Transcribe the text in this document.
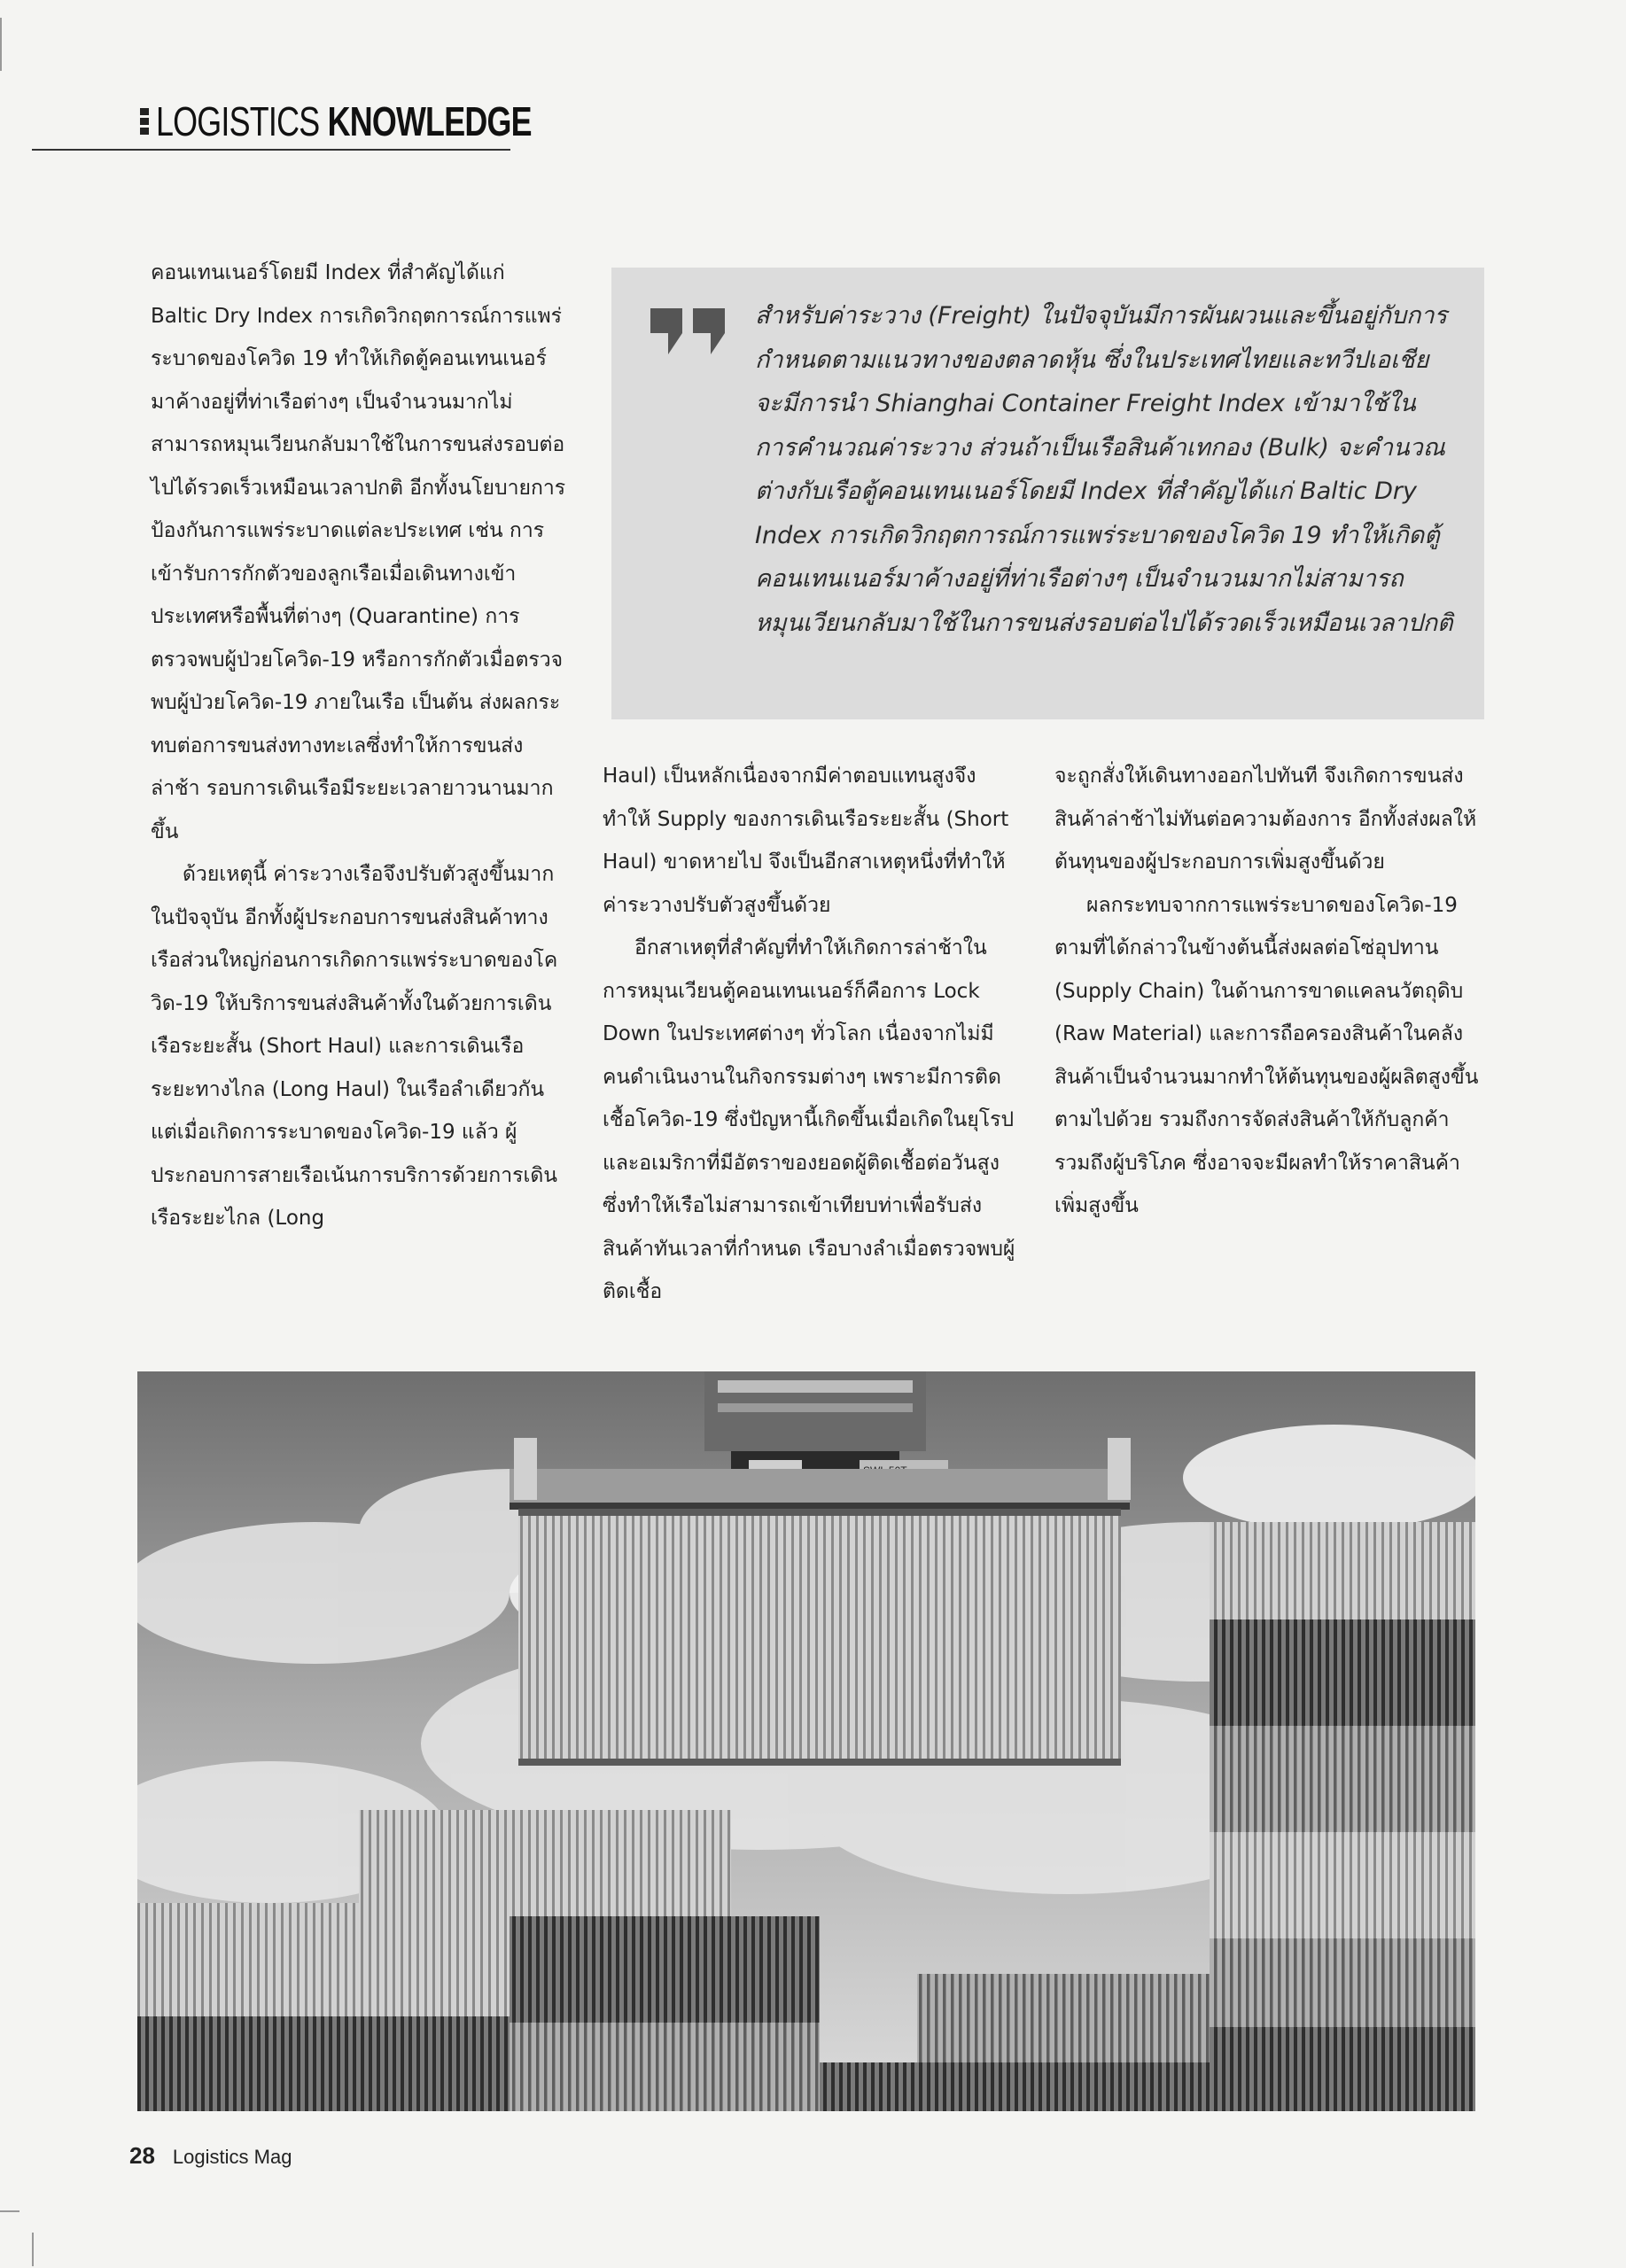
LOGISTICS KNOWLEDGE

คอนเทนเนอร์โดยมี Index ที่สำคัญได้แก่ Baltic Dry Index การเกิดวิกฤตการณ์การแพร่ระบาดของโควิด 19 ทำให้เกิดตู้คอนเทนเนอร์มาค้างอยู่ที่ท่าเรือต่างๆ เป็นจำนวนมากไม่สามารถหมุนเวียนกลับมาใช้ในการขนส่งรอบต่อไปได้รวดเร็วเหมือนเวลาปกติ อีกทั้งนโยบายการป้องกันการแพร่ระบาดแต่ละประเทศ เช่น การเข้ารับการกักตัวของลูกเรือเมื่อเดินทางเข้าประเทศหรือพื้นที่ต่างๆ (Quarantine) การตรวจพบผู้ป่วยโควิด-19 หรือการกักตัวเมื่อตรวจพบผู้ป่วยโควิด-19 ภายในเรือ เป็นต้น ส่งผลกระทบต่อการขนส่งทางทะเลซึ่งทำให้การขนส่งล่าช้า รอบการเดินเรือมีระยะเวลายาวนานมากขึ้น

ด้วยเหตุนี้ ค่าระวางเรือจึงปรับตัวสูงขึ้นมากในปัจจุบัน อีกทั้งผู้ประกอบการขนส่งสินค้าทางเรือส่วนใหญ่ก่อนการเกิดการแพร่ระบาดของโควิด-19 ให้บริการขนส่งสินค้าทั้งในด้วยการเดินเรือระยะสั้น (Short Haul) และการเดินเรือระยะทางไกล (Long Haul) ในเรือลำเดียวกัน แต่เมื่อเกิดการระบาดของโควิด-19 แล้ว ผู้ประกอบการสายเรือเน้นการบริการด้วยการเดินเรือระยะไกล (Long

สำหรับค่าระวาง (Freight) ในปัจจุบันมีการผันผวนและขึ้นอยู่กับการกำหนดตามแนวทางของตลาดหุ้น ซึ่งในประเทศไทยและทวีปเอเชียจะมีการนำ Shianghai Container Freight Index เข้ามาใช้ในการคำนวณค่าระวาง ส่วนถ้าเป็นเรือสินค้าเทกอง (Bulk) จะคำนวณต่างกับเรือตู้คอนเทนเนอร์โดยมี Index ที่สำคัญได้แก่ Baltic Dry Index การเกิดวิกฤตการณ์การแพร่ระบาดของโควิด 19 ทำให้เกิดตู้คอนเทนเนอร์มาค้างอยู่ที่ท่าเรือต่างๆ เป็นจำนวนมากไม่สามารถหมุนเวียนกลับมาใช้ในการขนส่งรอบต่อไปได้รวดเร็วเหมือนเวลาปกติ

Haul) เป็นหลักเนื่องจากมีค่าตอบแทนสูงจึงทำให้ Supply ของการเดินเรือระยะสั้น (Short Haul) ขาดหายไป จึงเป็นอีกสาเหตุหนึ่งที่ทำให้ค่าระวางปรับตัวสูงขึ้นด้วย

อีกสาเหตุที่สำคัญที่ทำให้เกิดการล่าช้าในการหมุนเวียนตู้คอนเทนเนอร์ก็คือการ Lock Down ในประเทศต่างๆ ทั่วโลก เนื่องจากไม่มีคนดำเนินงานในกิจกรรมต่างๆ เพราะมีการติดเชื้อโควิด-19 ซึ่งปัญหานี้เกิดขึ้นเมื่อเกิดในยุโรปและอเมริกาที่มีอัตราของยอดผู้ติดเชื้อต่อวันสูง ซึ่งทำให้เรือไม่สามารถเข้าเทียบท่าเพื่อรับส่งสินค้าทันเวลาที่กำหนด เรือบางลำเมื่อตรวจพบผู้ติดเชื้อ

จะถูกสั่งให้เดินทางออกไปทันที จึงเกิดการขนส่งสินค้าล่าช้าไม่ทันต่อความต้องการ อีกทั้งส่งผลให้ต้นทุนของผู้ประกอบการเพิ่มสูงขึ้นด้วย

ผลกระทบจากการแพร่ระบาดของโควิด-19 ตามที่ได้กล่าวในข้างต้นนี้ส่งผลต่อโซ่อุปทาน (Supply Chain) ในด้านการขาดแคลนวัตถุดิบ (Raw Material) และการถือครองสินค้าในคลังสินค้าเป็นจำนวนมากทำให้ต้นทุนของผู้ผลิตสูงขึ้นตามไปด้วย รวมถึงการจัดส่งสินค้าให้กับลูกค้ารวมถึงผู้บริโภค ซึ่งอาจจะมีผลทำให้ราคาสินค้าเพิ่มสูงขึ้น

28 Logistics Mag
